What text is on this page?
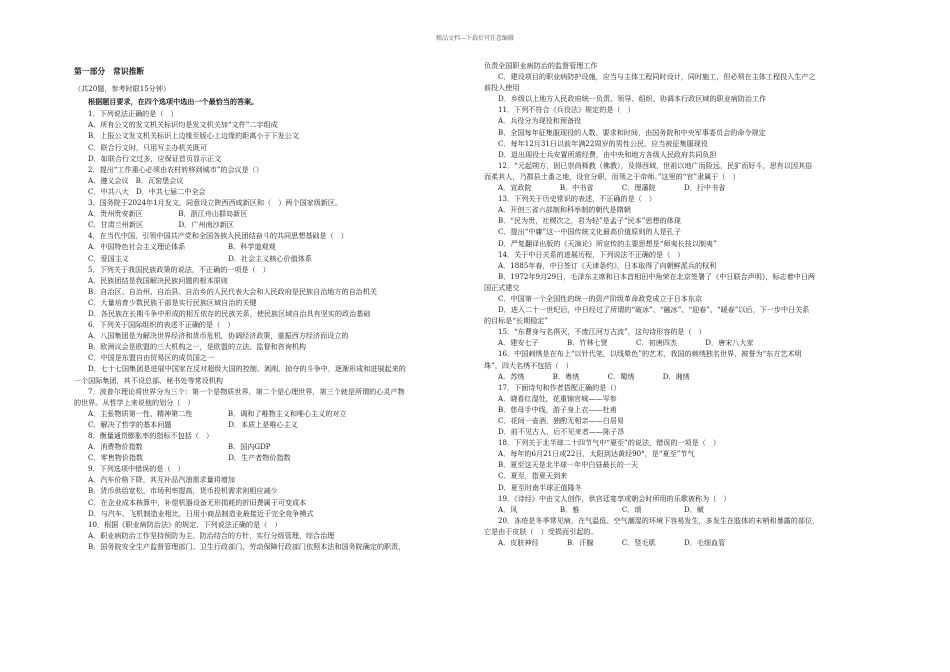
精品文档---下载后可任意编辑
第一部分　常识推断
（共20题，参考时限15分钟）
根据题目要求，在四个选项中选出一个最恰当的答案。
1．下列说法正确的是（　）
A．所有公文的发文机关标识均是发文机关加“文件”二字组成
B．上报公文发文机关标识上边缘至版心上边缘的距离小于下发公文
C．联合行文时，只用写主办机关既可
D．如联合行文过多，应保证首页显示正文
2．提出“工作重心必须由农村转移到城市”的会议是（）
A．遵义会议　B．瓦窑堡会议
C．中共八大　D．中共七届二中全会
3．国务院于2024年1月发文，同意设立陕西西咸新区和（　）两个国家级新区。
A．贵州贵安新区　　　　　B．浙江舟山群岛新区
C．甘肃兰州新区　　　　　D．广州南沙新区
4．在当代中国，引领中国共产党和全国各族人民团结奋斗的共同思想基础是（　）
A．中国特色社会主义理论体系　　　　　　B．科学道观观
C．爱国主义　　　　　　　　　　　　　　D．社会主义核心价值体系
5．下列关于我国民族政策的说法，不正确的一项是（　）
A．民族团结是我国解决民族问题的根本原则
B．自治区、自治州、自治县、自治乡的人民代表大会和人民政府是民族自治地方的自治机关
C．大量培育少数民族干部是实行民族区域自治的关键
D．各民族在长期斗争中形成的相互依存的民族关系，使民族区域自治具有坚实的政治基础
6．下列关于国际组织的表述不正确的是（　）
A．八国集团是为解决世界经济和货币危机，协调经济政策，重振西方经济而设立的
B．欧洲议会是欧盟的三大机构之一，是欧盟的立法、监督和咨询机构
C．中国是东盟自由贸易区的成员国之一
D．七十七国集团是进展中国家在反对超级大国的控制、剥削、掠夺的斗争中，逐渐形成和进展起来的
一个国际集团，其不设总部、秘书处等常设机构
7．波普尔理论将世界分为三个：第一个是物质世界，第二个是心理世界，第三个就是所谓的心灵产物
的世界。从哲学上来说他的划分（　）
A．主张物质第一性、精神第二性　　　　　B．调和了唯物主义和唯心主义的对立
C．解决了哲学的基本问题　　　　　　　　D．本质上是唯心主义
8．衡量通货膨胀率的指标不包括（　）
A．消费物价指数　　　　　　　　　　　　B．国内GDP
C．零售物价指数　　　　　　　　　　　　D．生产者物价指数
9．下列选项中错误的是（　）
A．汽车价格下降，其互补品汽油需求量将增加
B．货币供给宽松，市场利率提高，货币投机需求则相应减少
C．在企业成本核算中，补偿机器设备无形损耗的折旧费属于可变成本
D．与汽车、飞机制造业相比，日用小商品制造业最接近于完全竞争模式
10．根据《职业病防治法》的规定，下列说法正确的是（　）
A．职业病防治工作坚持预防为主、防治结合的方针，实行分级管理、综合治理
B．国务院安全生产监督管理部门、卫生行政部门、劳动保障行政部门依照本法和国务院确定的职责，
负责全国职业病防治的监督管理工作
C．建设项目的职业病防护设施，应当与主体工程同时设计，同时施工，但必须在主体工程投入生产之
前投入使用
D．乡级以上地方人民政府统一负责、领导、组织、协调本行政区域的职业病防治工作
11．下列不符合《兵役法》规定的是（　）
A．兵役分为现役和预备役
B．全国每年征集服现役的人数、要求和时间，由国务院和中央军事委员会的命令规定
C．每年12月31日以前年满22周岁的男性公民，应当被征集服现役
D．退出现役士兵安置所需经费，由中央和地方各级人民政府共同负担
12．“元起朔方，固已崇尚释教（佛教），及得西域，世祖以地广而险远，民犷而好斗，思有以因其俗
而柔其人，乃郡县土番之地，设官分职，而领之于帝师。”这里的“官”隶属于（　）
A．宣政院　　　　B．中书省　　　　C．理藩院　　　　D．行中书省
13．下列关于历史常识的表述，不正确的是（　）
A．开创三省六部制和科举制的朝代是隋朝
B．“民为贵，社稷次之，君为轻”是孟子“民本”思想的体现
C．提出“中庸”这一中国传统文化最高价值原则的人是孔子
D．严复翻译出版的《天演论》所宣传的主要思想是“师夷长技以制夷”
14．关于中日关系的进展历程，下列说法不正确的是（　）
A．1885年春，中日签订《天津条约》，日本取得了向朝鲜派兵的权利
B．1972年9月29日，毛泽东主席和日本首相田中角荣在北京签署了《中日联合声明》，标志着中日两
国正式建交
C．中国第一个全国性的统一的资产阶级革命政党成立于日本东京
D．进入二十一世纪后，中日经过了所谓的“破冰”、“融冰”、“迎春”、“暖春”以后，下一步中日关系
的目标是“长期稳定”
15．“东曹身与名俱灭，不废江河万古流”，这句诗形容的是（　）
A．建安七子　　　　B．竹林七贤　　　　C．初唐四杰　　　　D．唐宋八大家
16．中国刺绣是在布上“以针代笔，以线晕色”的艺术，我国的刺绣独名世界，被誉为“东方艺术明
珠”，四大名绣不包括（　）
A．苏绣　　　　B．粤绣　　　　C．蜀绣　　　　D．湘绣
17．下面诗句和作者搭配正确的是（）
A．晓看红湿处，花重锦官城——岑参
B．慈母手中线，游子身上衣——杜甫
C．花间一壶酒，独酌无相亲——白居易
D．前不见古人，后不见来者——陈子昂
18．下列关于北半球二十四节气中“夏至”的说法，错误的一项是（　）
A．每年的6月21日或22日，太阳到达黄经90°，是“夏至”节气
B．夏至这天是北半球一年中白昼最长的一天
C．夏至，指夏天到来
D．夏至时南半球正值隆冬
19．《诗经》中由文人创作，供宫廷宴享或朝会时所用的乐歌被称为（　）
A．风　　　　　　B．雅　　　　　　C．颂　　　　　　D．赋
20．冻疮是冬季常见病，在气温低、空气潮湿的环境下容易发生，多发生在肢体的末梢和暴露的部位，
它是由于皮肤（　）受损而引起的。
A．皮肤神经　　　　B．汗腺　　　　C．竖毛肌　　　　D．毛细血管
